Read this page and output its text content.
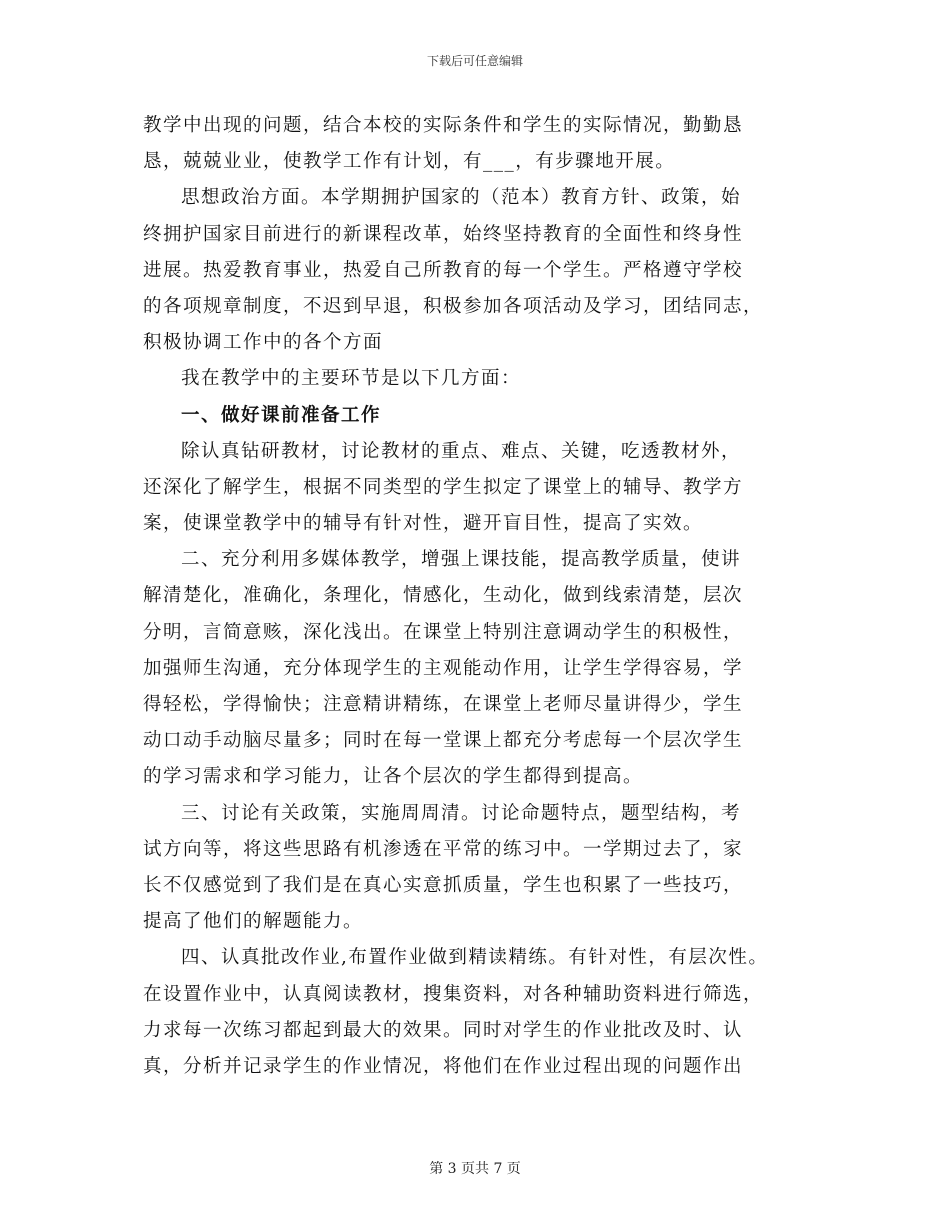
下载后可任意编辑
教学中出现的问题，结合本校的实际条件和学生的实际情况，勤勤恳
恳，兢兢业业，使教学工作有计划，有___，有步骤地开展。
思想政治方面。本学期拥护国家的（范本）教育方针、政策，始
终拥护国家目前进行的新课程改革，始终坚持教育的全面性和终身性
进展。热爱教育事业，热爱自己所教育的每一个学生。严格遵守学校
的各项规章制度，不迟到早退，积极参加各项活动及学习，团结同志，
积极协调工作中的各个方面
我在教学中的主要环节是以下几方面：
一、做好课前准备工作
除认真钻研教材，讨论教材的重点、难点、关键，吃透教材外，
还深化了解学生，根据不同类型的学生拟定了课堂上的辅导、教学方
案，使课堂教学中的辅导有针对性，避开盲目性，提高了实效。
二、充分利用多媒体教学，增强上课技能，提高教学质量，使讲
解清楚化，准确化，条理化，情感化，生动化，做到线索清楚，层次
分明，言简意赅，深化浅出。在课堂上特别注意调动学生的积极性，
加强师生沟通，充分体现学生的主观能动作用，让学生学得容易，学
得轻松，学得愉快；注意精讲精练，在课堂上老师尽量讲得少，学生
动口动手动脑尽量多；同时在每一堂课上都充分考虑每一个层次学生
的学习需求和学习能力，让各个层次的学生都得到提高。
三、讨论有关政策，实施周周清。讨论命题特点，题型结构，考
试方向等，将这些思路有机渗透在平常的练习中。一学期过去了，家
长不仅感觉到了我们是在真心实意抓质量，学生也积累了一些技巧，
提高了他们的解题能力。
四、认真批改作业,布置作业做到精读精练。有针对性，有层次性。
在设置作业中，认真阅读教材，搜集资料，对各种辅助资料进行筛选，
力求每一次练习都起到最大的效果。同时对学生的作业批改及时、认
真，分析并记录学生的作业情况，将他们在作业过程出现的问题作出
第 3 页共 7 页
